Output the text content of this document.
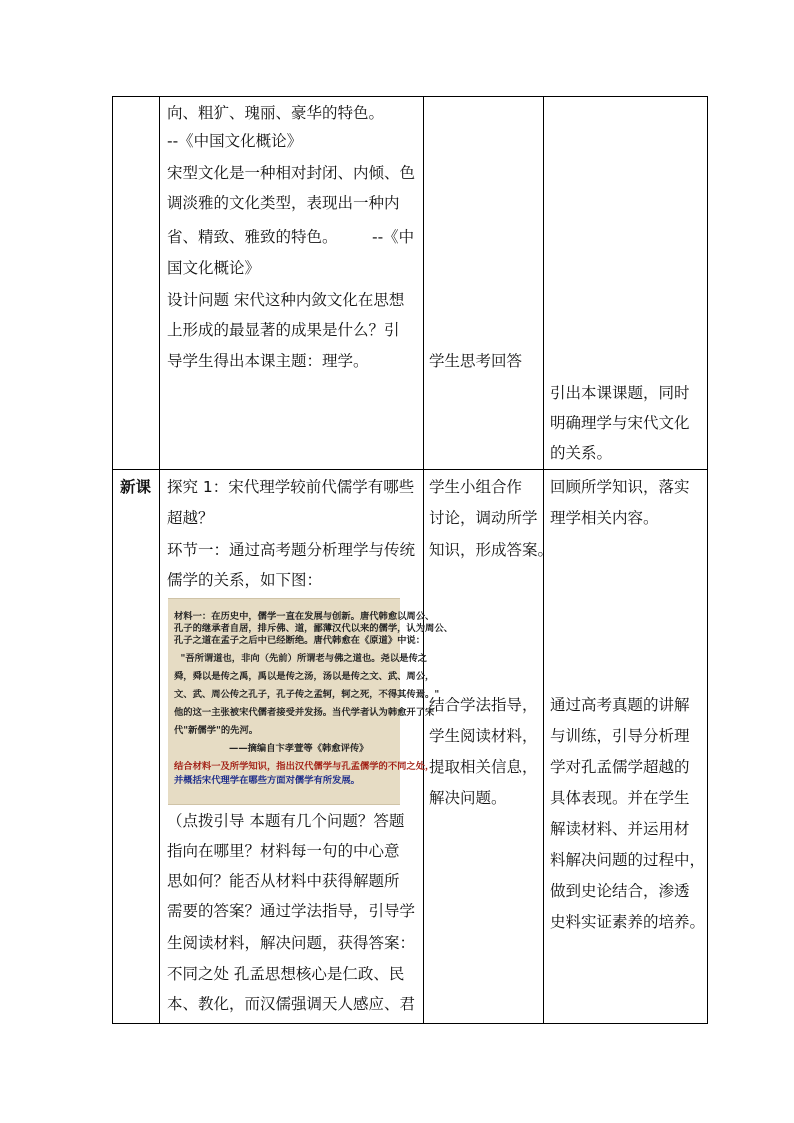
向、粗犷、瑰丽、豪华的特色。
--《中国文化概论》
宋型文化是一种相对封闭、内倾、色
调淡雅的文化类型，表现出一种内
省、精致、雅致的特色。       --《中
国文化概论》
设计问题 宋代这种内敛文化在思想
上形成的最显著的成果是什么？引
导学生得出本课主题：理学。	学生思考回答
引出本课课题，同时
明确理学与宋代文化
的关系。
新课 探究 1：宋代理学较前代儒学有哪些
超越？
环节一：通过高考题分析理学与传统
儒学的关系，如下图：
材料一：在历史中，儒学一直在发展与创新。唐代韩愈以周公、
孔子的继承者自居，排斥佛、道，鄙薄汉代以来的儒学，认为周公、
孔子之道在孟子之后中已经断绝。唐代韩愈在《原道》中说：
"吾所谓道也，非向（先前）所谓老与佛之道也。尧以是传之
舜，舜以是传之禹，禹以是传之汤，汤以是传之文、武、周公，
文、武、周公传之孔子，孔子传之孟轲，轲之死，不得其传焉。"
他的这一主张被宋代儒者接受并发扬。当代学者认为韩愈开了宋
代"新儒学"的先河。
——摘编自卞孝萱等《韩愈评传》
结合材料一及所学知识，指出汉代儒学与孔孟儒学的不同之处，
并概括宋代理学在哪些方面对儒学有所发展。
（点拨引导 本题有几个问题？答题
指向在哪里？材料每一句的中心意
思如何？能否从材料中获得解题所
需要的答案？通过学法指导，引导学
生阅读材料，解决问题，获得答案：
不同之处 孔孟思想核心是仁政、民
本、教化，而汉儒强调天人感应、君
学生小组合作
讨论，调动所学
知识，形成答案。
结合学法指导，
学生阅读材料，
提取相关信息，
解决问题。
回顾所学知识，落实
理学相关内容。
通过高考真题的讲解
与训练，引导分析理
学对孔孟儒学超越的
具体表现。并在学生
解读材料、并运用材
料解决问题的过程中，
做到史论结合，渗透
史料实证素养的培养。
